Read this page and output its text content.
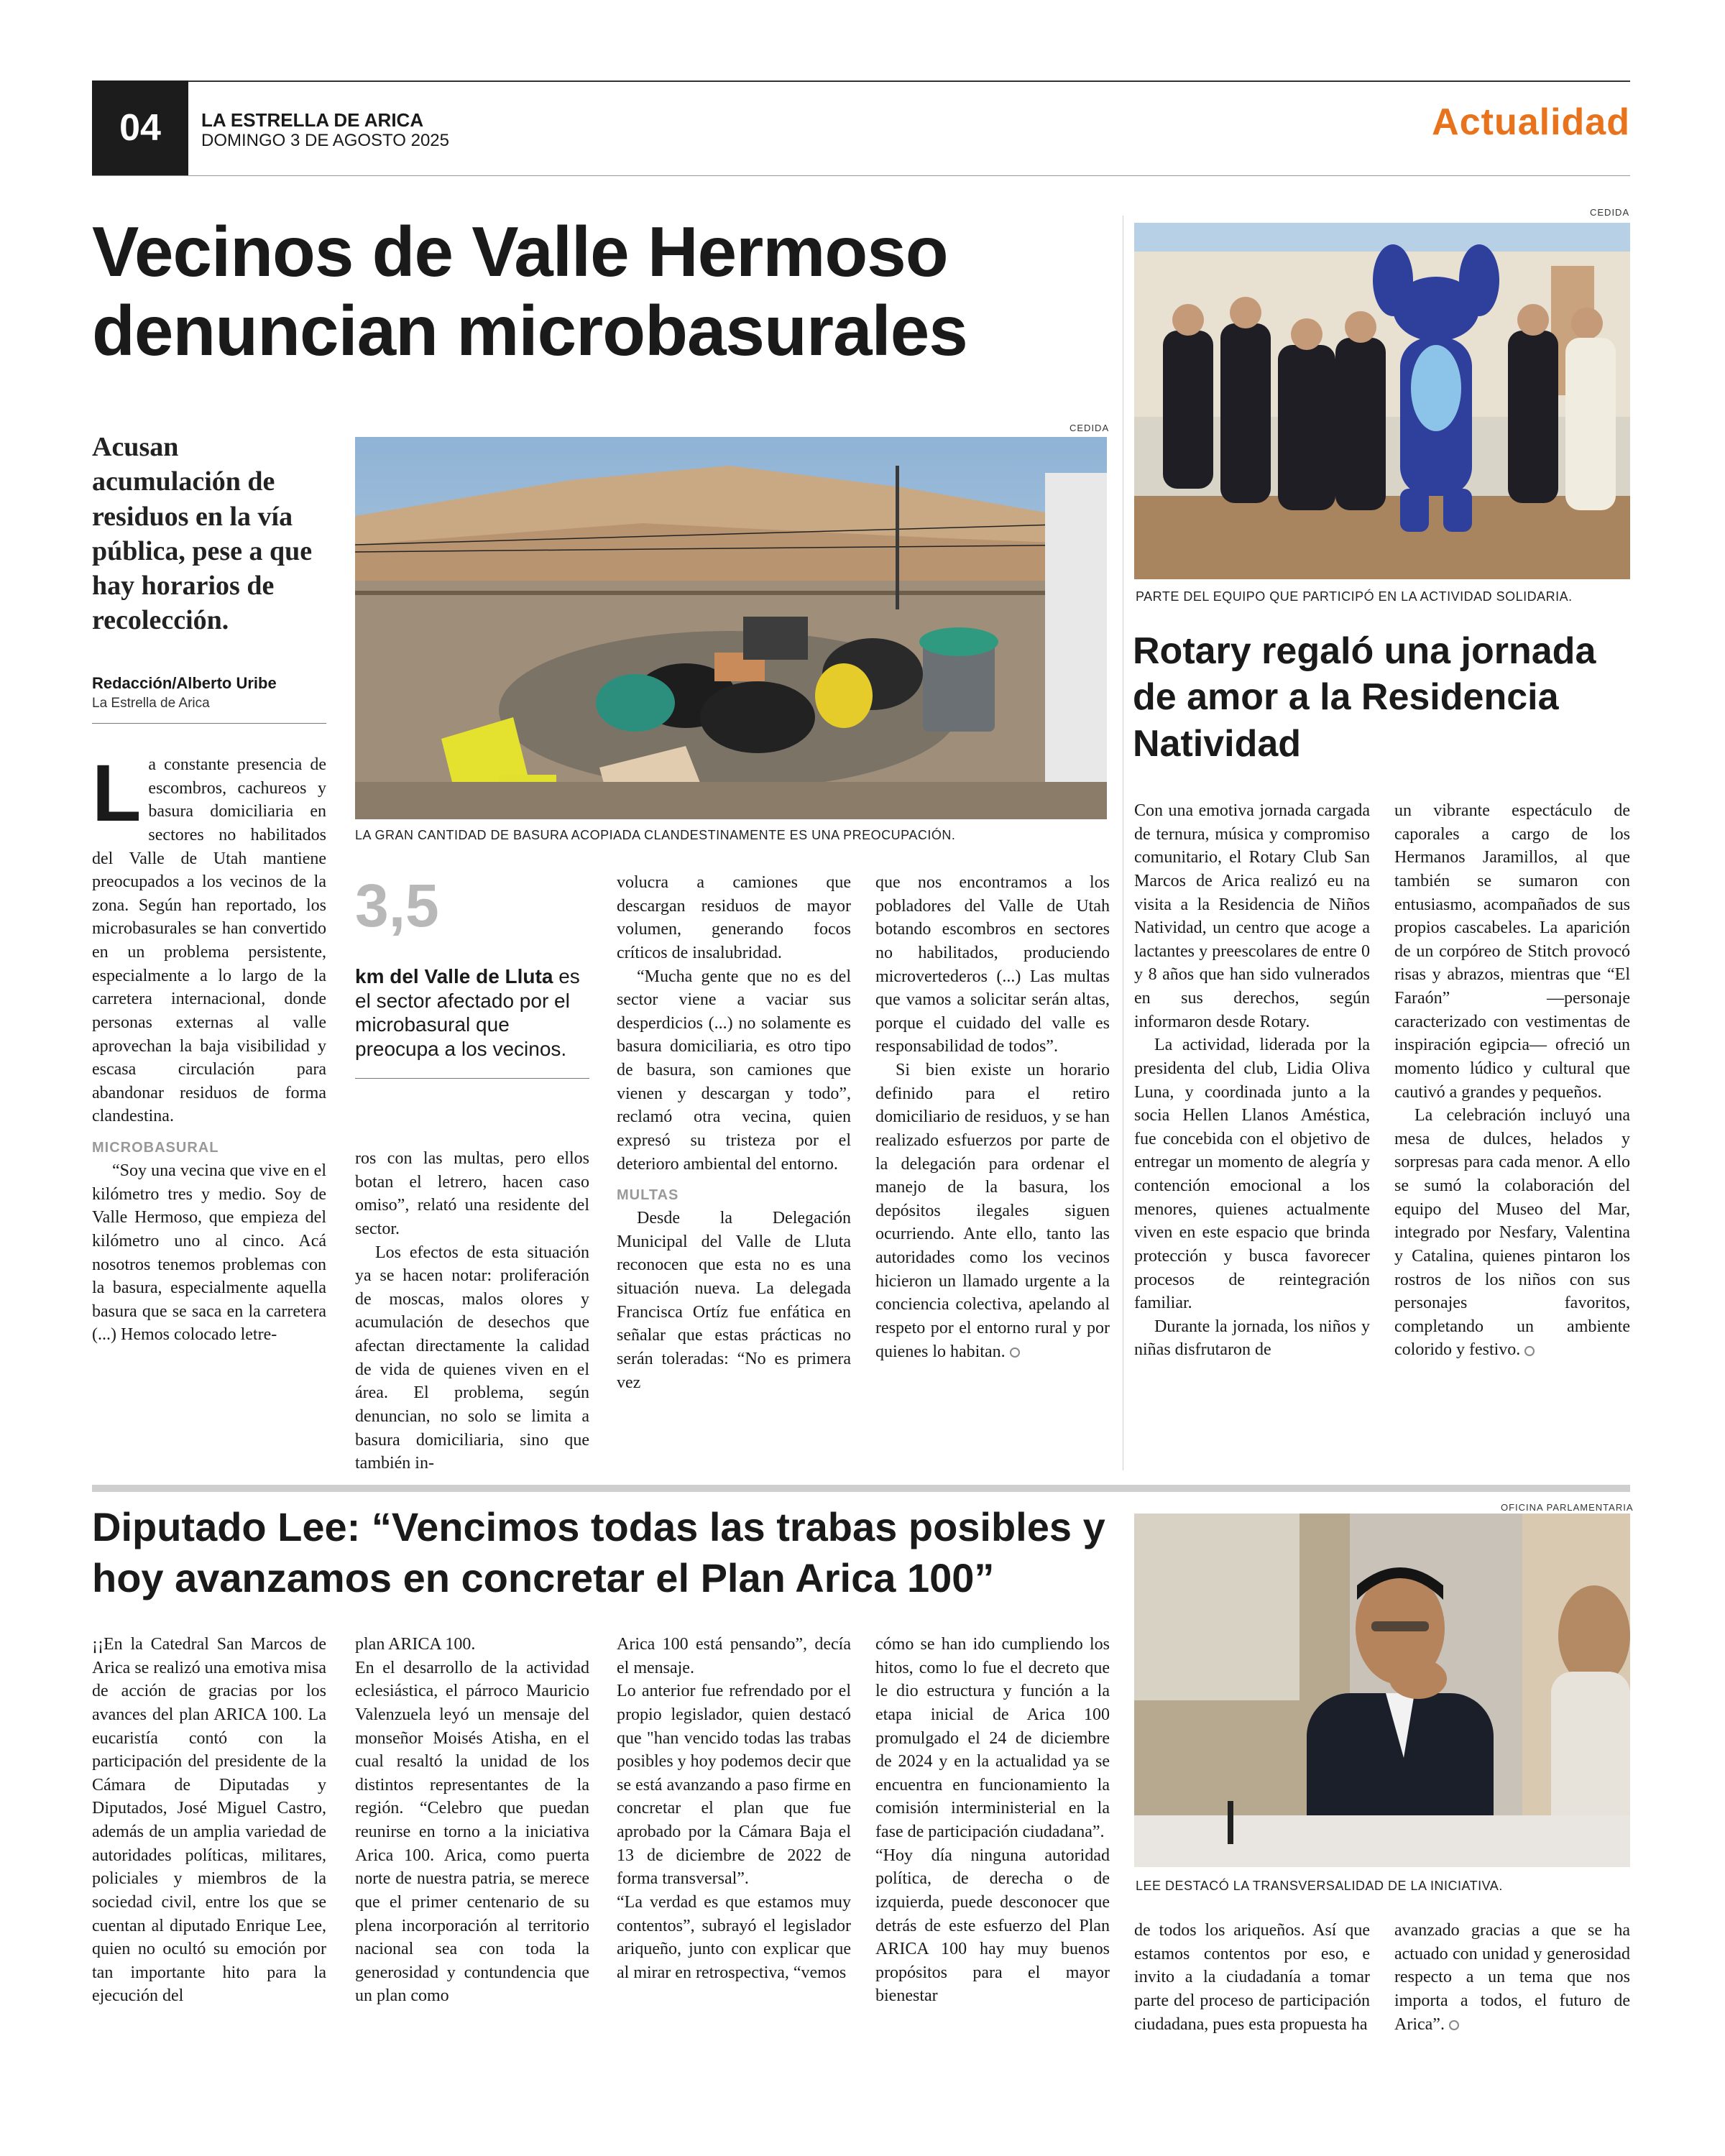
04	LA ESTRELLA DE ARICA
DOMINGO 3 DE AGOSTO 2025	Actualidad
Vecinos de Valle Hermoso denuncian microbasurales
Acusan acumulación de residuos en la vía pública, pese a que hay horarios de recolección.
Redacción/Alberto Uribe
La Estrella de Arica
CEDIDA
LA GRAN CANTIDAD DE BASURA ACOPIADA CLANDESTINAMENTE ES UNA PREOCUPACIÓN.
3,5
km del Valle de Lluta es el sector afectado por el microbasural que preocupa a los vecinos.
L a constante presencia de escombros, cachureos y basura domiciliaria en sectores no habilitados del Valle de Utah mantiene preocupados a los vecinos de la zona. Según han reportado, los microbasurales se han convertido en un problema persistente, especialmente a lo largo de la carretera internacional, donde personas externas al valle aprovechan la baja visibilidad y escasa circulación para abandonar residuos de forma clandestina.

MICROBASURAL

“Soy una vecina que vive en el kilómetro tres y medio. Soy de Valle Hermoso, que empieza del kilómetro uno al cinco. Acá nosotros tenemos problemas con la basura, especialmente aquella basura que se saca en la carretera (...) Hemos colocado letre-

ros con las multas, pero ellos botan el letrero, hacen caso omiso”, relató una residente del sector.

Los efectos de esta situación ya se hacen notar: proliferación de moscas, malos olores y acumulación de desechos que afectan directamente la calidad de vida de quienes viven en el área. El problema, según denuncian, no solo se limita a basura domiciliaria, sino que también in-

volucra a camiones que descargan residuos de mayor volumen, generando focos críticos de insalubridad.

“Mucha gente que no es del sector viene a vaciar sus desperdicios (...) no solamente es basura domiciliaria, es otro tipo de basura, son camiones que vienen y descargan y todo”, reclamó otra vecina, quien expresó su tristeza por el deterioro ambiental del entorno.

MULTAS

Desde la Delegación Municipal del Valle de Lluta reconocen que esta no es una situación nueva. La delegada Francisca Ortíz fue enfática en señalar que estas prácticas no serán toleradas: “No es primera vez

que nos encontramos a los pobladores del Valle de Utah botando escombros en sectores no habilitados, produciendo microvertederos (...) Las multas que vamos a solicitar serán altas, porque el cuidado del valle es responsabilidad de todos”.

Si bien existe un horario definido para el retiro domiciliario de residuos, y se han realizado esfuerzos por parte de la delegación para ordenar el manejo de la basura, los depósitos ilegales siguen ocurriendo. Ante ello, tanto las autoridades como los vecinos hicieron un llamado urgente a la conciencia colectiva, apelando al respeto por el entorno rural y por quienes lo habitan.

CEDIDA
PARTE DEL EQUIPO QUE PARTICIPÓ EN LA ACTIVIDAD SOLIDARIA.
Rotary regaló una jornada de amor a la Residencia Natividad

Con una emotiva jornada cargada de ternura, música y compromiso comunitario, el Rotary Club San Marcos de Arica realizó eu na visita a la Residencia de Niños Natividad, un centro que acoge a lactantes y preescolares de entre 0 y 8 años que han sido vulnerados en sus derechos, según informaron desde Rotary.

La actividad, liderada por la presidenta del club, Lidia Oliva Luna, y coordinada junto a la socia Hellen Llanos Améstica, fue concebida con el objetivo de entregar un momento de alegría y contención emocional a los menores, quienes actualmente viven en este espacio que brinda protección y busca favorecer procesos de reintegración familiar.

Durante la jornada, los niños y niñas disfrutaron de

un vibrante espectáculo de caporales a cargo de los Hermanos Jaramillos, al que también se sumaron con entusiasmo, acompañados de sus propios cascabeles. La aparición de un corpóreo de Stitch provocó risas y abrazos, mientras que “El Faraón” —personaje caracterizado con vestimentas de inspiración egipcia— ofreció un momento lúdico y cultural que cautivó a grandes y pequeños.

La celebración incluyó una mesa de dulces, helados y sorpresas para cada menor. A ello se sumó la colaboración del equipo del Museo del Mar, integrado por Nesfary, Valentina y Catalina, quienes pintaron los rostros de los niños con sus personajes favoritos, completando un ambiente colorido y festivo.

Diputado Lee: “Vencimos todas las trabas posibles y hoy avanzamos en concretar el Plan Arica 100”
OFICINA PARLAMENTARIA
LEE DESTACÓ LA TRANSVERSALIDAD DE LA INICIATIVA.

¡¡En la Catedral San Marcos de Arica se realizó una emotiva misa de acción de gracias por los avances del plan ARICA 100. La eucaristía contó con la participación del presidente de la Cámara de Diputadas y Diputados, José Miguel Castro, además de un amplia variedad de autoridades políticas, militares, policiales y miembros de la sociedad civil, entre los que se cuentan al diputado Enrique Lee, quien no ocultó su emoción por tan importante hito para la ejecución del

plan ARICA 100.

En el desarrollo de la actividad eclesiástica, el párroco Mauricio Valenzuela leyó un mensaje del monseñor Moisés Atisha, en el cual resaltó la unidad de los distintos representantes de la región. “Celebro que puedan reunirse en torno a la iniciativa Arica 100. Arica, como puerta norte de nuestra patria, se merece que el primer centenario de su plena incorporación al territorio nacional sea con toda la generosidad y contundencia que un plan como

Arica 100 está pensando”, decía el mensaje.

Lo anterior fue refrendado por el propio legislador, quien destacó que "han vencido todas las trabas posibles y hoy podemos decir que se está avanzando a paso firme en concretar el plan que fue aprobado por la Cámara Baja el 13 de diciembre de 2022 de forma transversal”.

“La verdad es que estamos muy contentos”, subrayó el legislador ariqueño, junto con explicar que al mirar en retrospectiva, “vemos

cómo se han ido cumpliendo los hitos, como lo fue el decreto que le dio estructura y función a la etapa inicial de Arica 100 promulgado el 24 de diciembre de 2024 y en la actualidad ya se encuentra en funcionamiento la comisión interministerial en la fase de participación ciudadana”.

“Hoy día ninguna autoridad política, de derecha o de izquierda, puede desconocer que detrás de este esfuerzo del Plan ARICA 100 hay muy buenos propósitos para el mayor bienestar

de todos los ariqueños. Así que estamos contentos por eso, e invito a la ciudadanía a tomar parte del proceso de participación ciudadana, pues esta propuesta ha

avanzado gracias a que se ha actuado con unidad y generosidad respecto a un tema que nos importa a todos, el futuro de Arica”.
